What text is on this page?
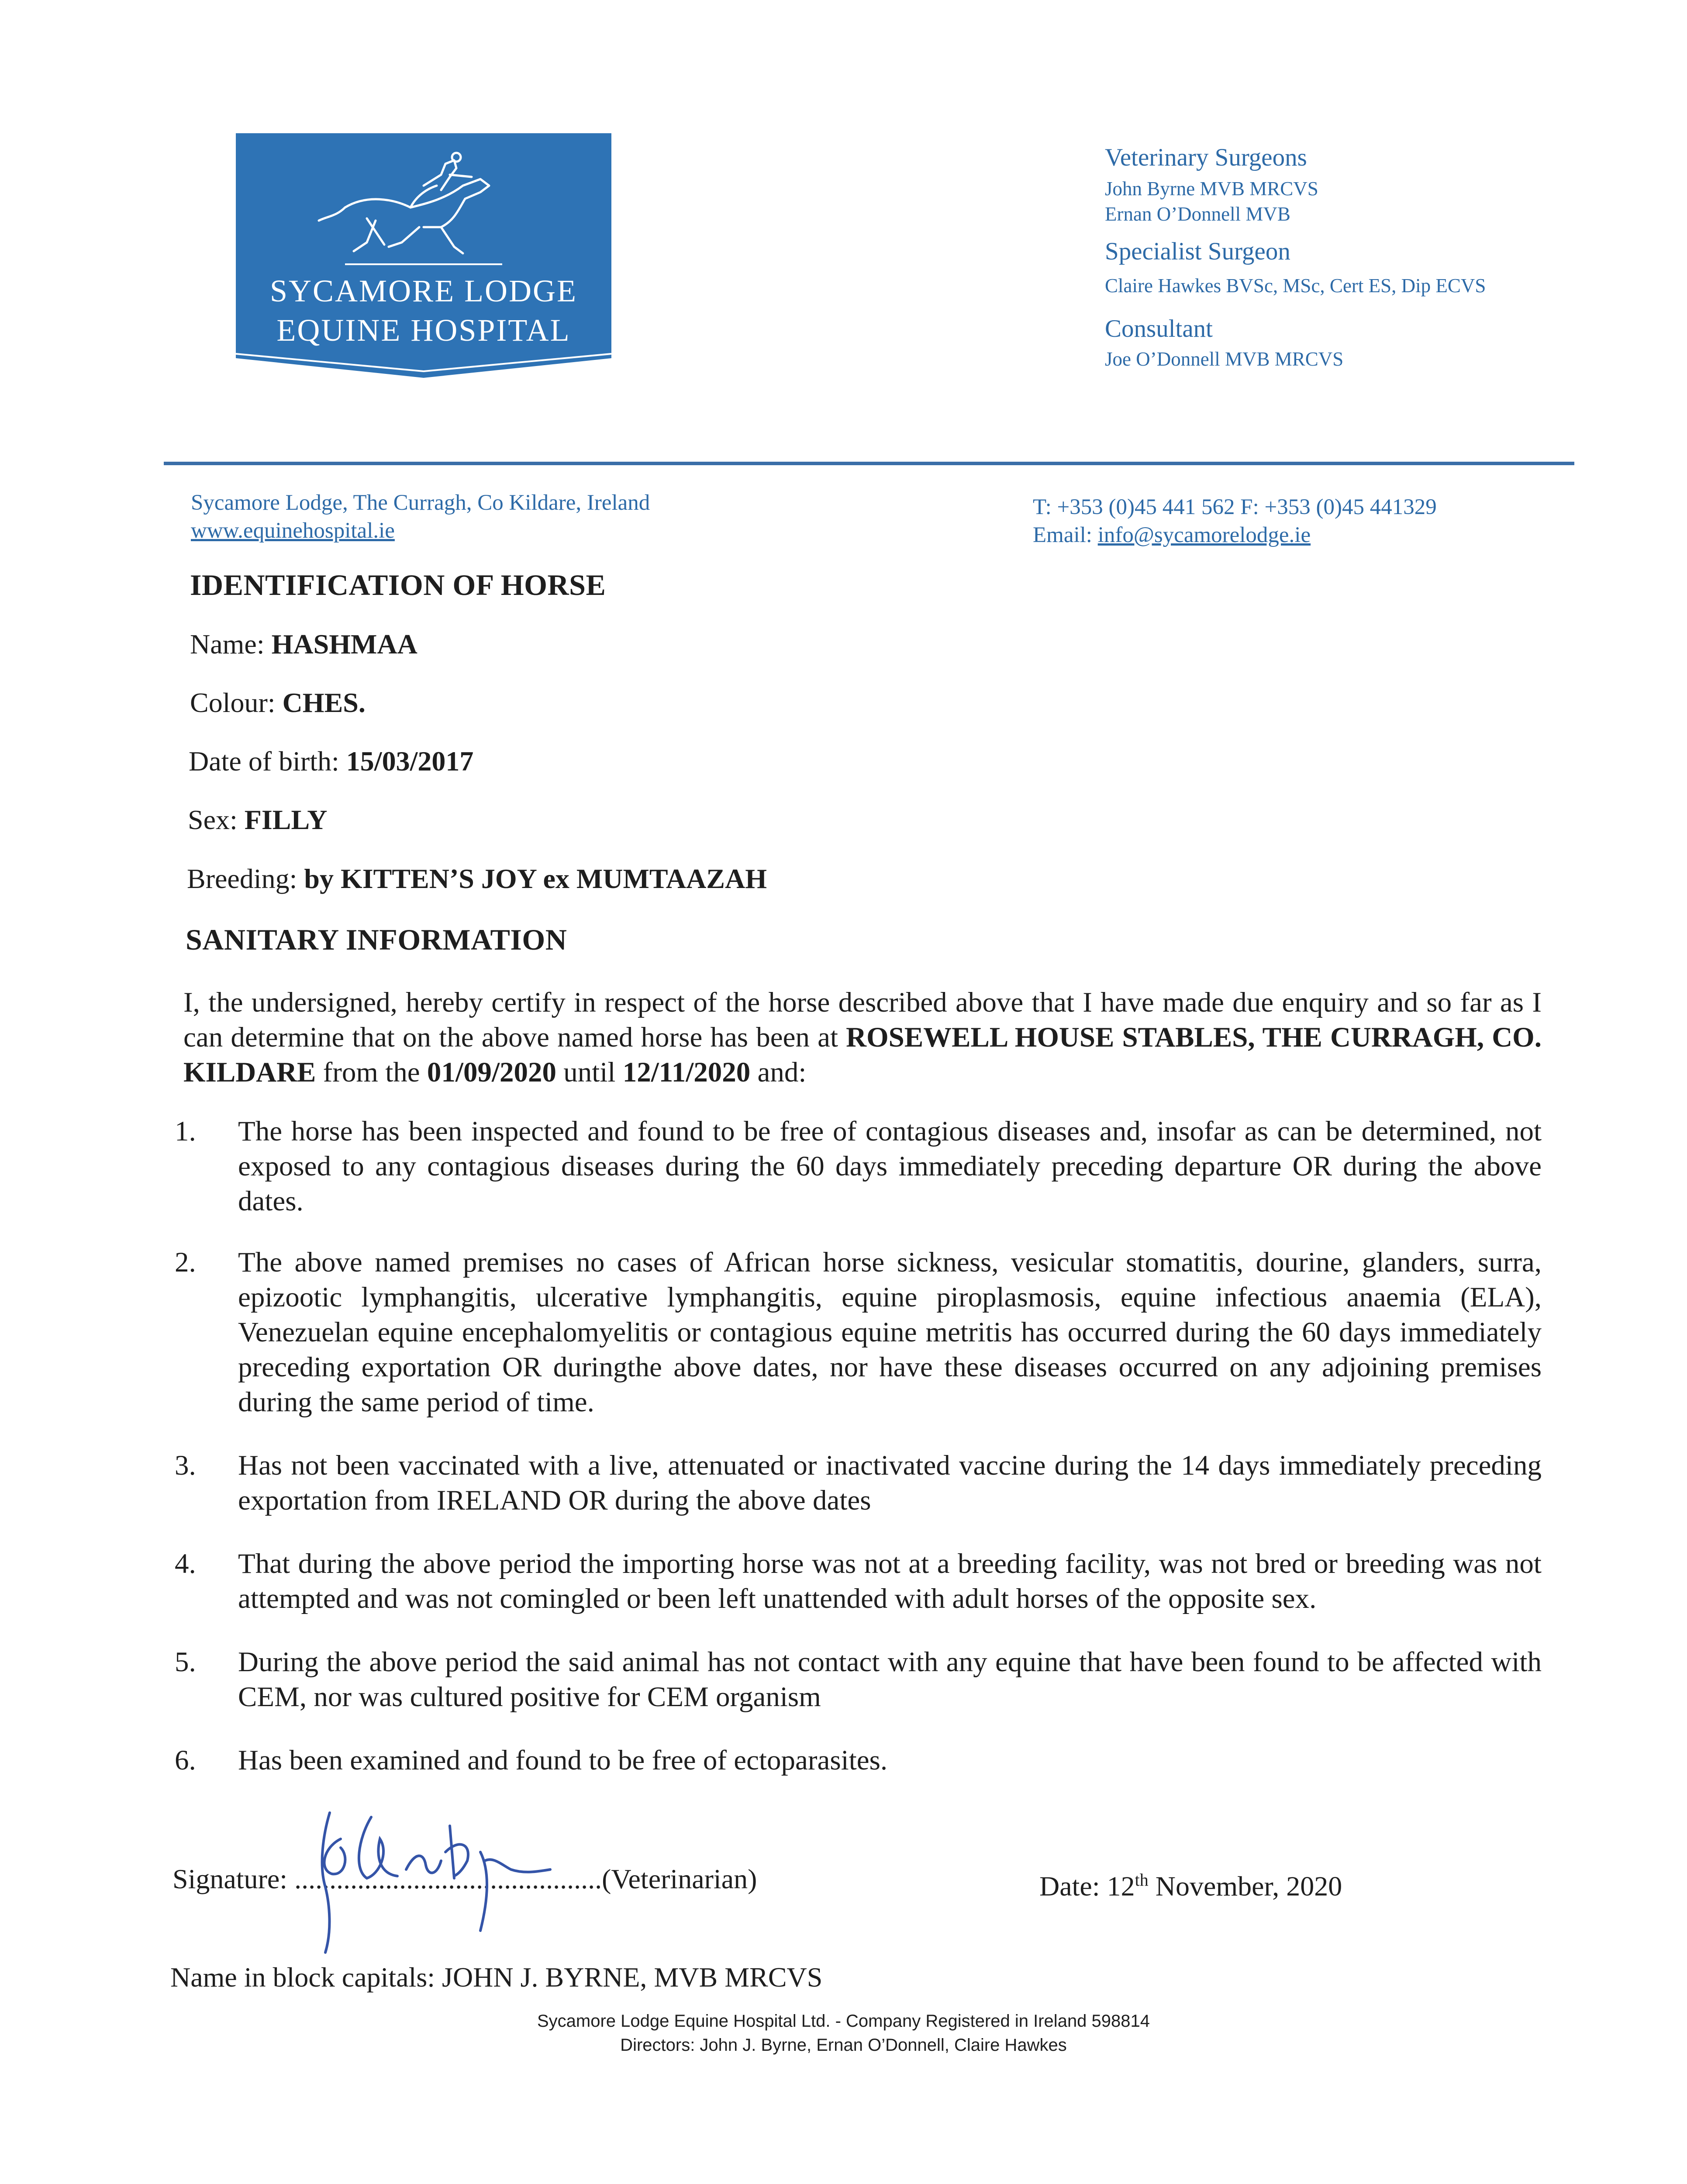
SYCAMORE LODGE
EQUINE HOSPITAL
Veterinary Surgeons
John Byrne MVB MRCVS
Ernan O’Donnell MVB
Specialist Surgeon
Claire Hawkes BVSc, MSc, Cert ES, Dip ECVS
Consultant
Joe O’Donnell MVB MRCVS
Sycamore Lodge, The Curragh, Co Kildare, Ireland
www.equinehospital.ie
T: +353 (0)45 441 562 F: +353 (0)45 441329
Email: info@sycamorelodge.ie
IDENTIFICATION OF HORSE
Name: HASHMAA
Colour: CHES.
Date of birth: 15/03/2017
Sex: FILLY
Breeding: by KITTEN’S JOY ex MUMTAAZAH
SANITARY INFORMATION
I, the undersigned, hereby certify in respect of the horse described above that I have made due enquiry and so far as I can determine that on the above named horse has been at ROSEWELL HOUSE STABLES, THE CURRAGH, CO. KILDARE from the 01/09/2020 until 12/11/2020 and:
1.	The horse has been inspected and found to be free of contagious diseases and, insofar as can be determined, not exposed to any contagious diseases during the 60 days immediately preceding departure OR during the above dates.
2.	The above named premises no cases of African horse sickness, vesicular stomatitis, dourine, glanders, surra, epizootic lymphangitis, ulcerative lymphangitis, equine piroplasmosis, equine infectious anaemia (ELA), Venezuelan equine encephalomyelitis or contagious equine metritis has occurred during the 60 days immediately preceding exportation OR duringthe above dates, nor have these diseases occurred on any adjoining premises during the same period of time.
3.	Has not been vaccinated with a live, attenuated or inactivated vaccine during the 14 days immediately preceding exportation from IRELAND OR during the above dates
4.	That during the above period the importing horse was not at a breeding facility, was not bred or breeding was not attempted and was not comingled or been left unattended with adult horses of the opposite sex.
5.	During the above period the said animal has not contact with any equine that have been found to be affected with CEM, nor was cultured positive for CEM organism
6.	Has been examined and found to be free of ectoparasites.
Signature: ............................................(Veterinarian)	Date: 12th November, 2020
Name in block capitals: JOHN J. BYRNE, MVB MRCVS
Sycamore Lodge Equine Hospital Ltd. - Company Registered in Ireland 598814
Directors: John J. Byrne, Ernan O’Donnell, Claire Hawkes
